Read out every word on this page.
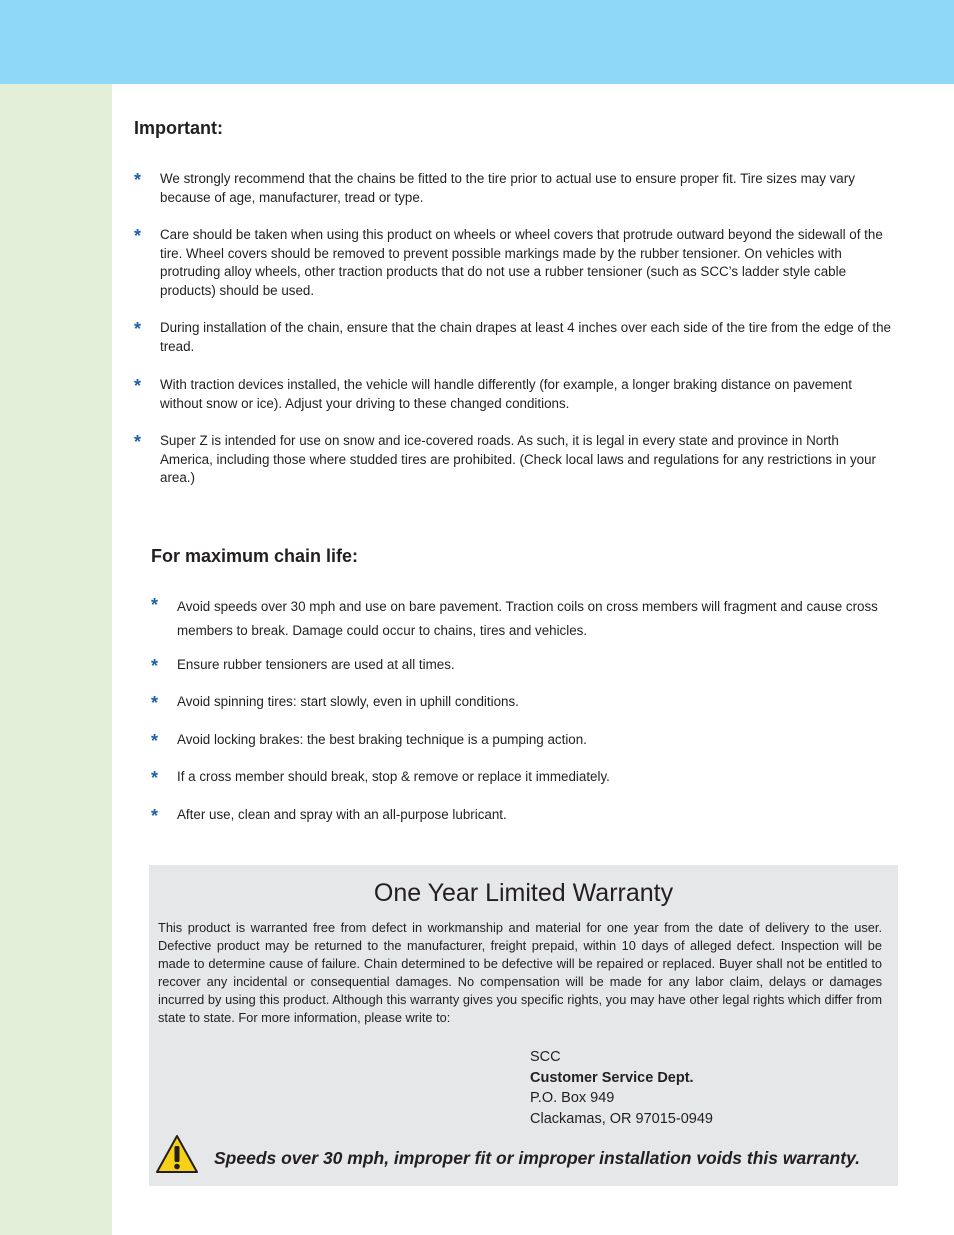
Important:
* We strongly recommend that the chains be fitted to the tire prior to actual use to ensure proper fit. Tire sizes may vary because of age, manufacturer, tread or type.
* Care should be taken when using this product on wheels or wheel covers that protrude outward beyond the sidewall of the tire. Wheel covers should be removed to prevent possible markings made by the rubber tensioner. On vehicles with protruding alloy wheels, other traction products that do not use a rubber tensioner (such as SCC’s ladder style cable products) should be used.
* During installation of the chain, ensure that the chain drapes at least 4 inches over each side of the tire from the edge of the tread.
* With traction devices installed, the vehicle will handle differently (for example, a longer braking distance on pavement without snow or ice). Adjust your driving to these changed conditions.
* Super Z is intended for use on snow and ice-covered roads. As such, it is legal in every state and province in North America, including those where studded tires are prohibited. (Check local laws and regulations for any restrictions in your area.)
For maximum chain life:
* Avoid speeds over 30 mph and use on bare pavement. Traction coils on cross members will fragment and cause cross members to break. Damage could occur to chains, tires and vehicles.
* Ensure rubber tensioners are used at all times.
* Avoid spinning tires: start slowly, even in uphill conditions.
* Avoid locking brakes: the best braking technique is a pumping action.
* If a cross member should break, stop & remove or replace it immediately.
* After use, clean and spray with an all-purpose lubricant.
One Year Limited Warranty
This product is warranted free from defect in workmanship and material for one year from the date of delivery to the user. Defective product may be returned to the manufacturer, freight prepaid, within 10 days of alleged defect. Inspection will be made to determine cause of failure. Chain determined to be defective will be repaired or replaced. Buyer shall not be entitled to recover any incidental or consequential damages. No compensation will be made for any labor claim, delays or damages incurred by using this product. Although this warranty gives you specific rights, you may have other legal rights which differ from state to state. For more information, please write to:
SCC
Customer Service Dept.
P.O. Box 949
Clackamas, OR 97015-0949
Speeds over 30 mph, improper fit or improper installation voids this warranty.
